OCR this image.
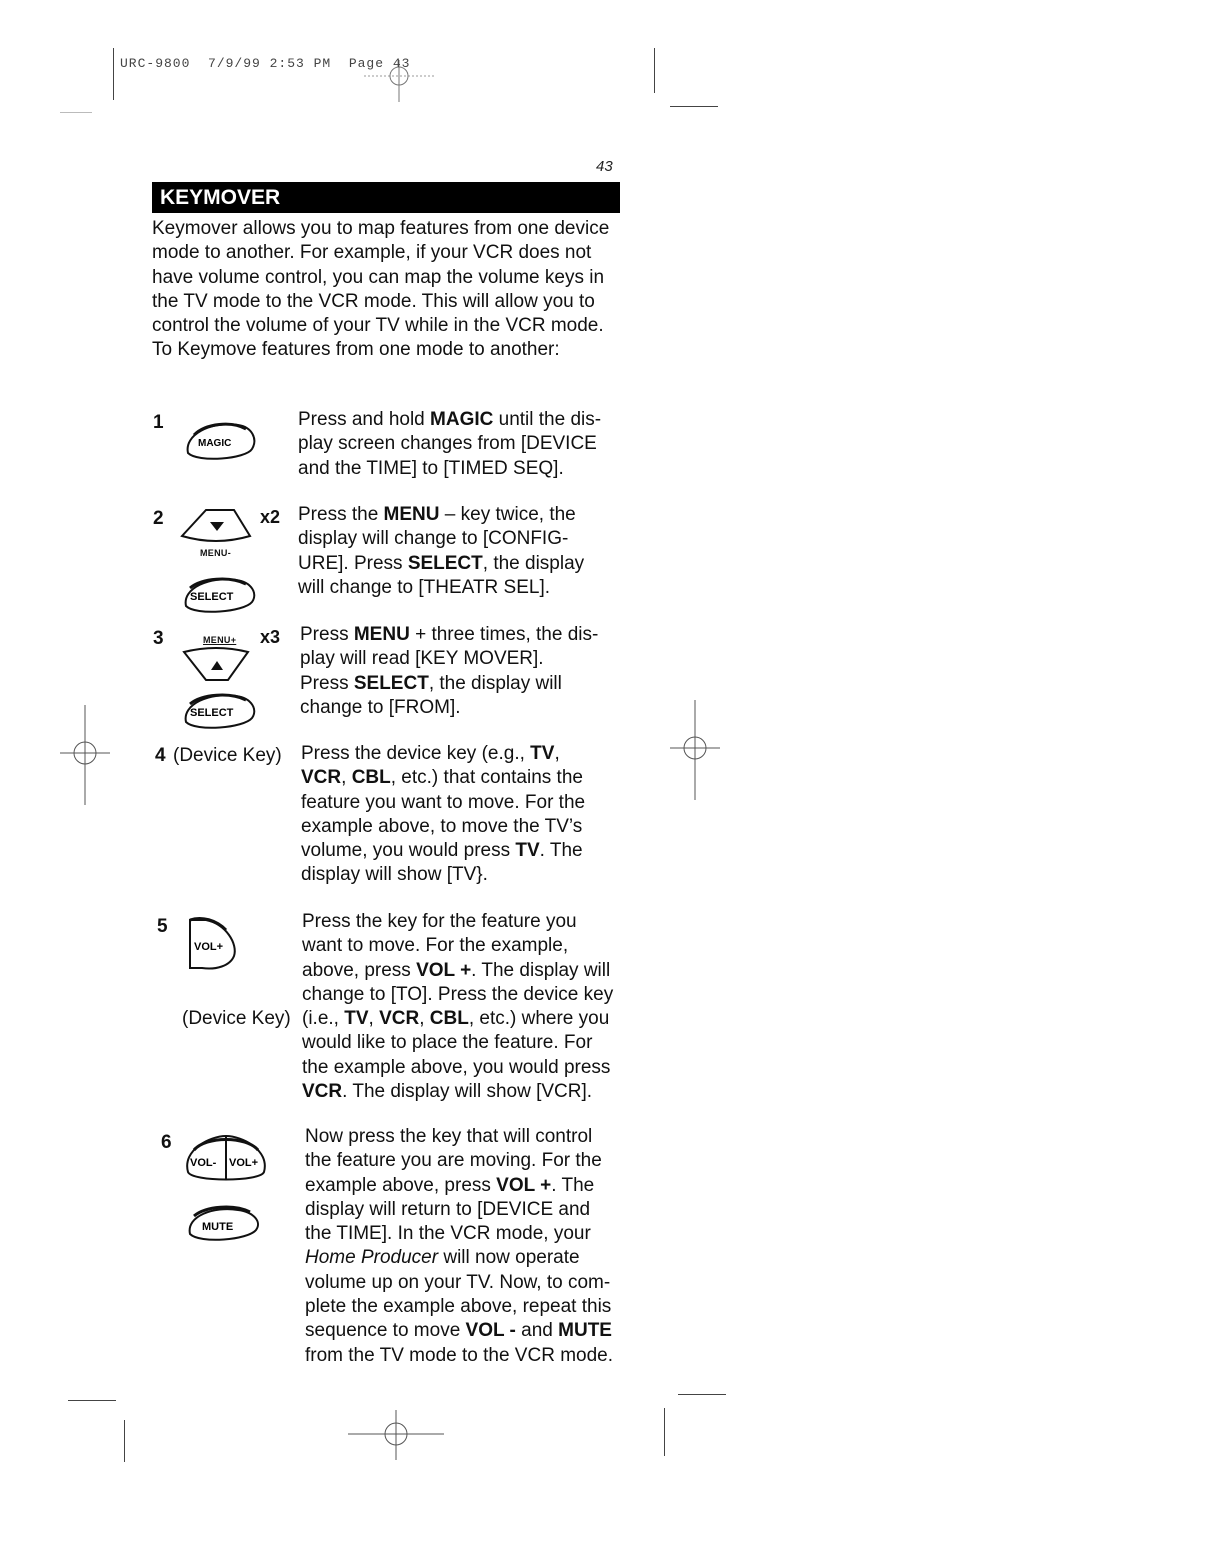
URC-9800  7/9/99 2:53 PM  Page 43
43
KEYMOVER
Keymover allows you to map features from one device mode to another. For example, if your VCR does not have volume control, you can map the volume keys in the TV mode to the VCR mode. This will allow you to control the volume of your TV while in the VCR mode. To Keymove features from one mode to another:
1
MAGIC
Press and hold MAGIC until the dis-
play screen changes from [DEVICE
and the TIME] to [TIMED SEQ].
2	x2
MENU-
SELECT
Press the MENU – key twice, the
display will change to [CONFIG-
URE]. Press SELECT, the display
will change to [THEATR SEL].
3	MENU+ x3
SELECT
Press MENU + three times, the dis-
play will read [KEY MOVER].
Press SELECT, the display will
change to [FROM].
4 (Device Key) Press the device key (e.g., TV,
VCR, CBL, etc.) that contains the
feature you want to move. For the
example above, to move the TV’s
volume, you would press TV. The
display will show [TV}.
5
VOL+
(Device Key)
Press the key for the feature you
want to move. For the example,
above, press VOL +. The display will
change to [TO]. Press the device key
(i.e., TV, VCR, CBL, etc.) where you
would like to place the feature. For
the example above, you would press
VCR. The display will show [VCR].
6
VOL- VOL+
MUTE
Now press the key that will control
the feature you are moving. For the
example above, press VOL +. The
display will return to [DEVICE and
the TIME]. In the VCR mode, your
Home Producer will now operate
volume up on your TV. Now, to com-
plete the example above, repeat this
sequence to move VOL - and MUTE
from the TV mode to the VCR mode.
